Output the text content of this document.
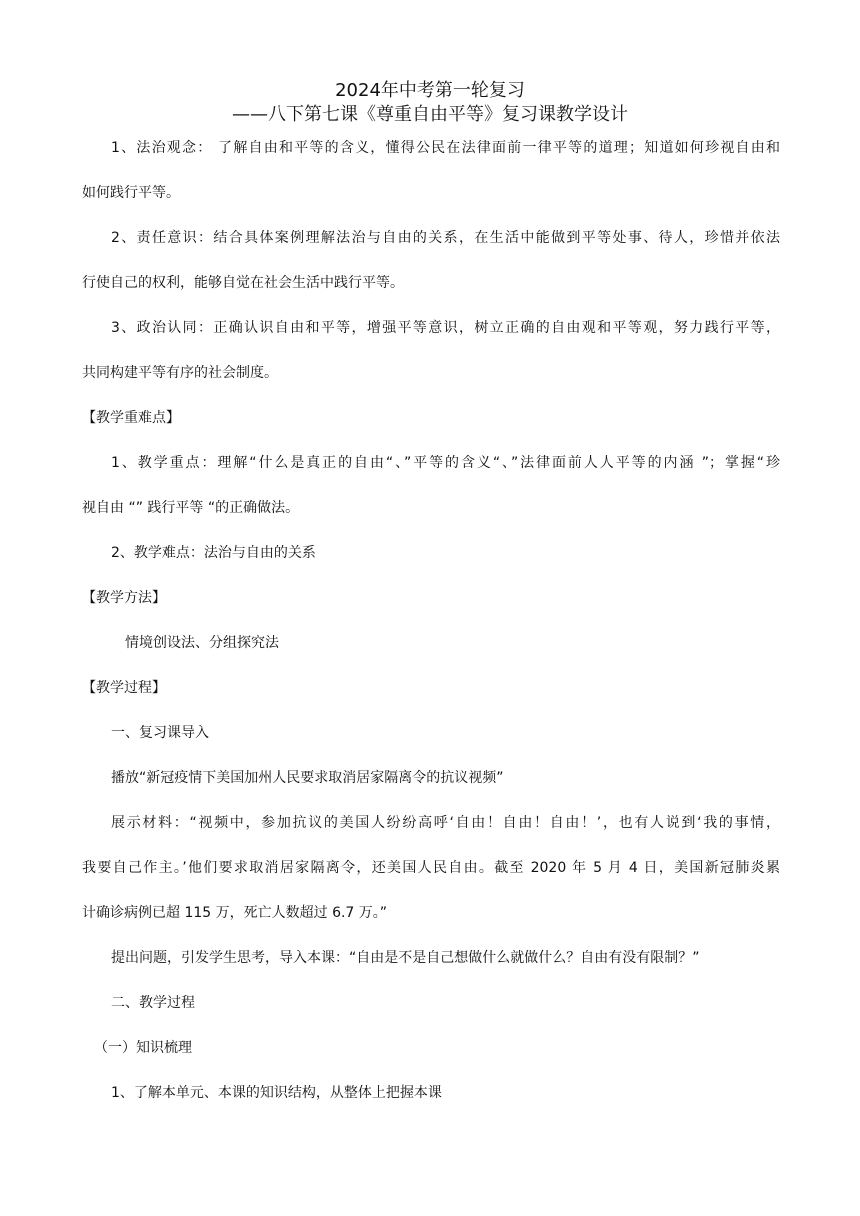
2024年中考第一轮复习
——八下第七课《尊重自由平等》复习课教学设计
1、法治观念： 了解自由和平等的含义，懂得公民在法律面前一律平等的道理；知道如何珍视自由和
如何践行平等。
2、责任意识：结合具体案例理解法治与自由的关系，在生活中能做到平等处事、待人，珍惜并依法
行使自己的权利，能够自觉在社会生活中践行平等。
3、政治认同：正确认识自由和平等，增强平等意识，树立正确的自由观和平等观，努力践行平等，
共同构建平等有序的社会制度。
【教学重难点】
1、教学重点：理解“什么是真正的自由“、”平等的含义“、”法律面前人人平等的内涵 ”；掌握“珍
视自由 “” 践行平等 “的正确做法。
2、教学难点：法治与自由的关系
【教学方法】
情境创设法、分组探究法
【教学过程】
一、复习课导入
播放“新冠疫情下美国加州人民要求取消居家隔离令的抗议视频”
展示材料：“视频中，参加抗议的美国人纷纷高呼‘自由！自由！自由！’，也有人说到‘我的事情，
我要自己作主。’他们要求取消居家隔离令，还美国人民自由。截至 2020 年 5 月 4 日，美国新冠肺炎累
计确诊病例已超 115 万，死亡人数超过 6.7 万。”
提出问题，引发学生思考，导入本课：“自由是不是自己想做什么就做什么？自由有没有限制？”
二、教学过程
（一）知识梳理
1、了解本单元、本课的知识结构，从整体上把握本课
